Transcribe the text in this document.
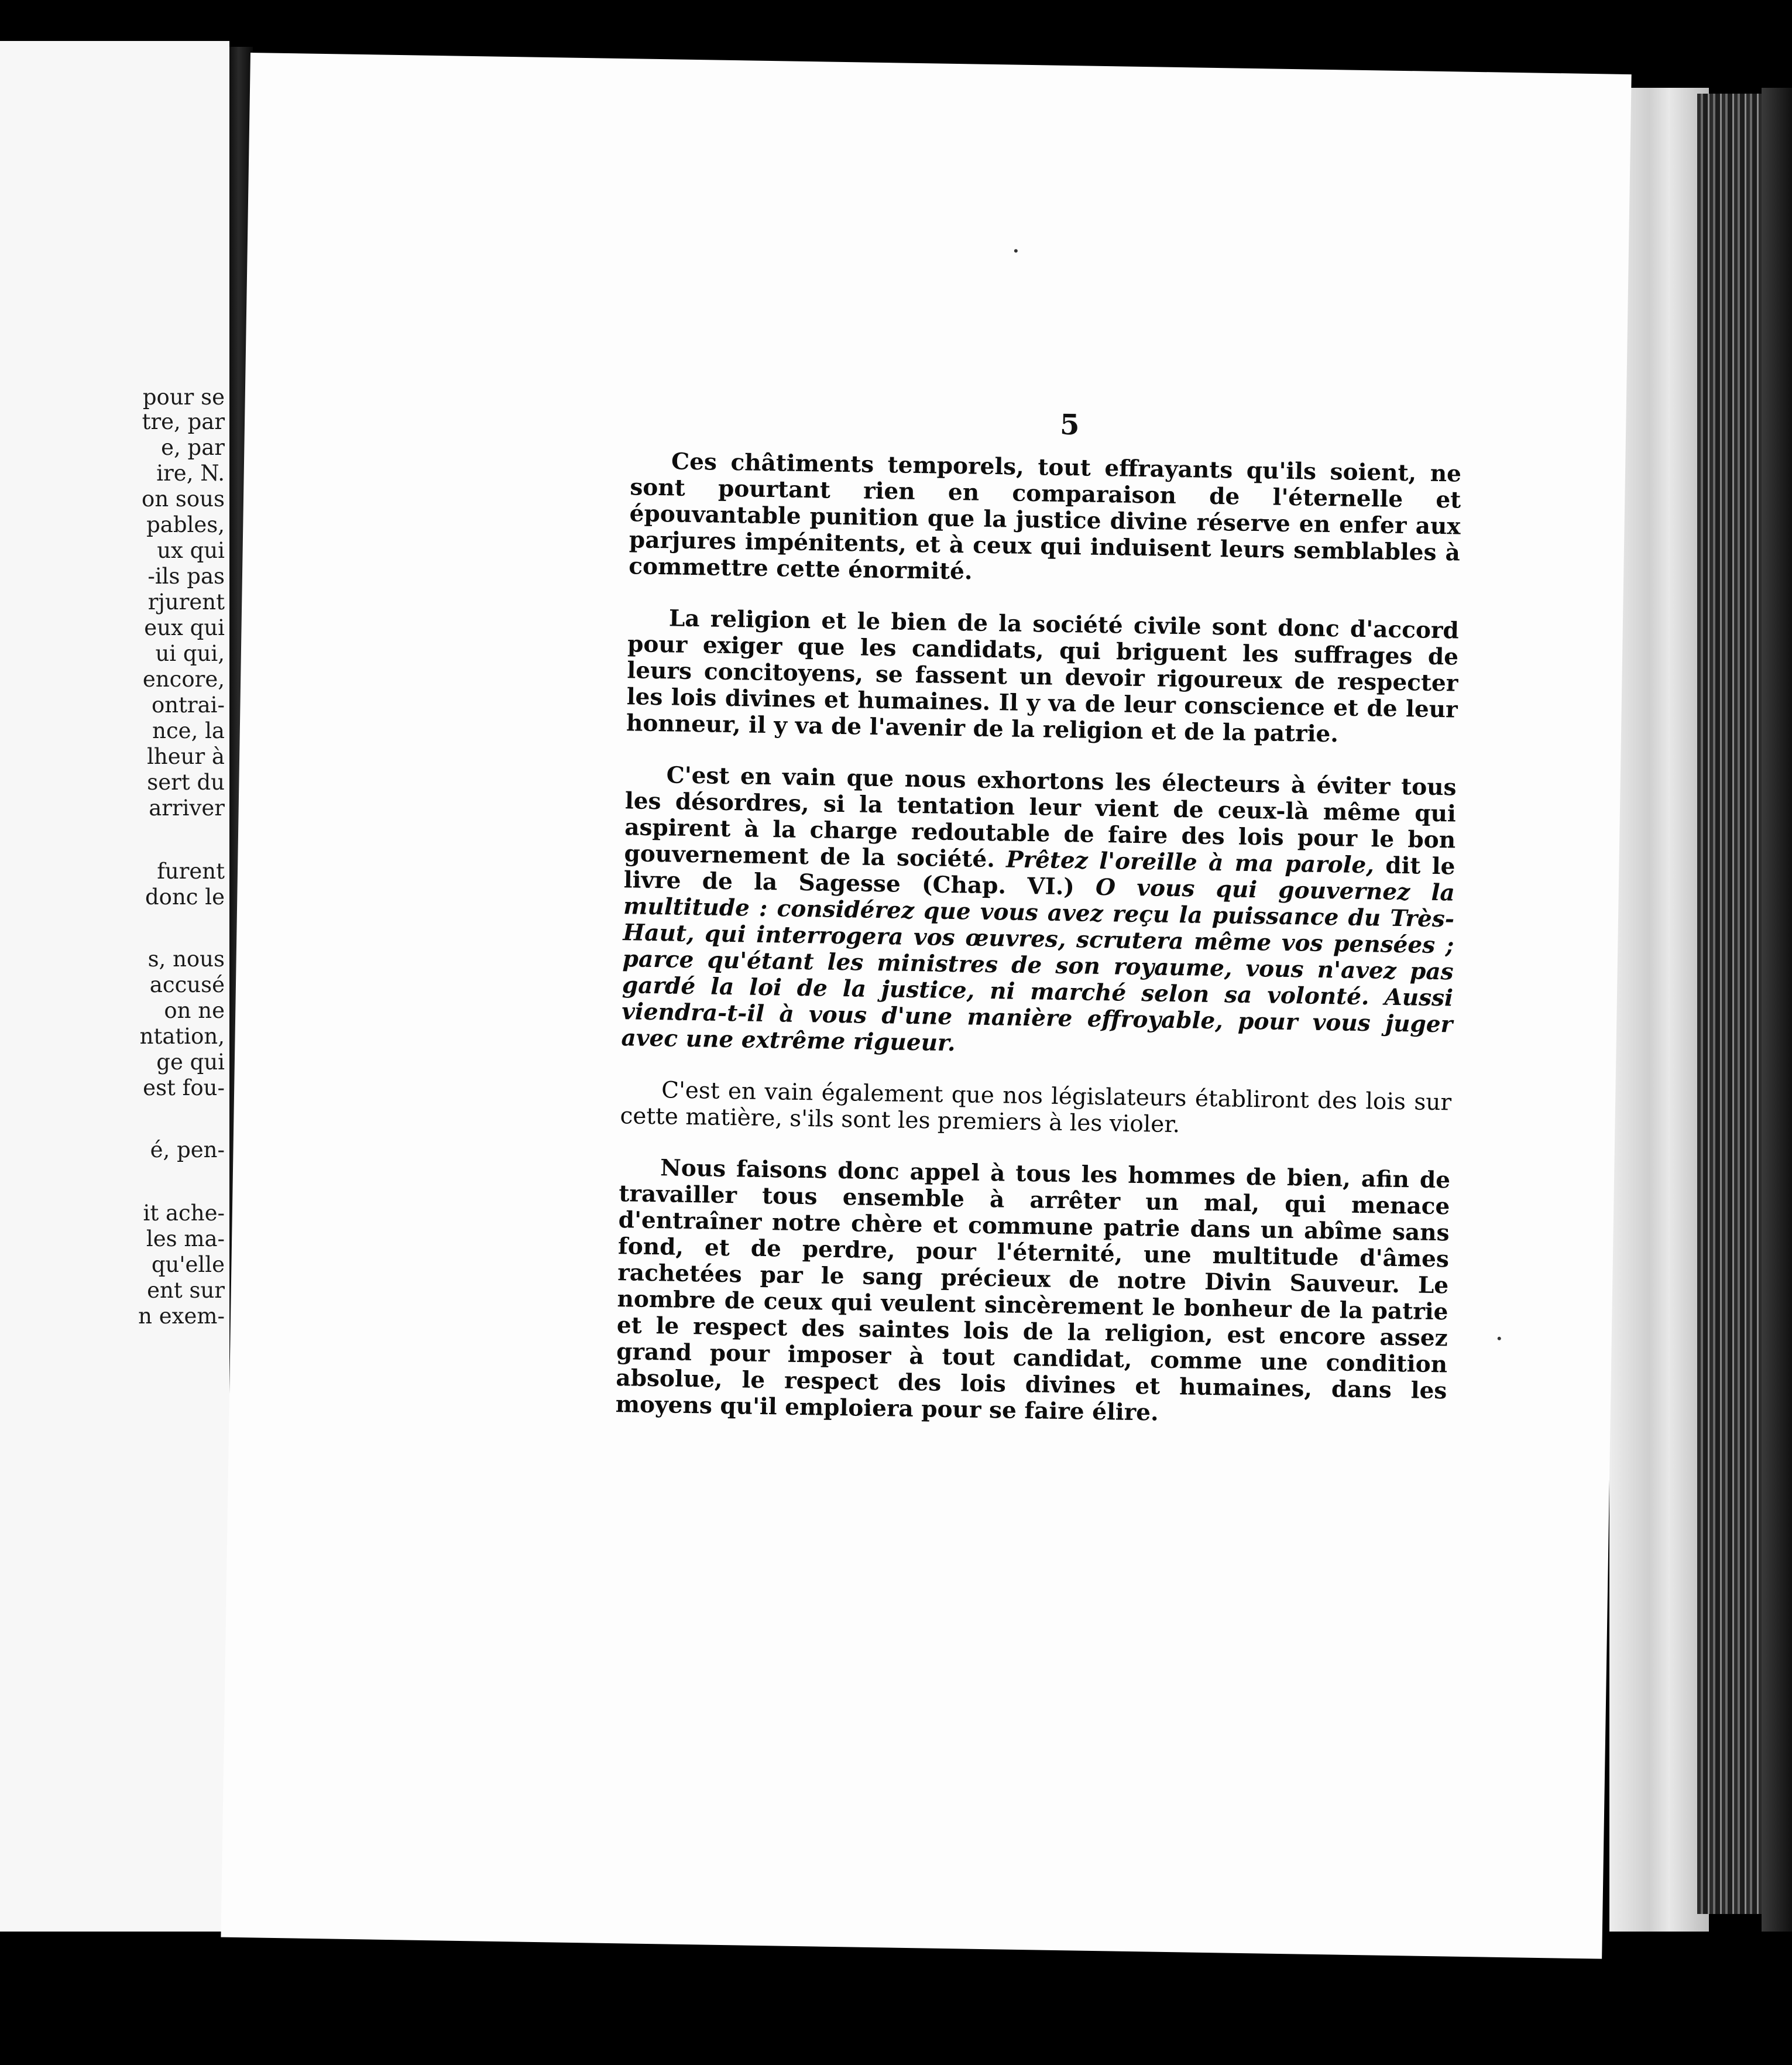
pour se
tre, par
e, par
ire, N.
on sous
pables,
ux qui
-ils pas
rjurent
eux qui
ui qui,
encore,
ontrai-
nce, la
lheur à
sert du
arriver
furent
donc le
s, nous
accusé
on ne
ntation,
ge qui
est fou-
é, pen-
it ache-
les ma-
qu'elle
ent sur
n exem-
5

Ces châtiments temporels, tout effrayants qu'ils soient, ne sont pourtant rien en comparaison de l'éternelle et épouvantable punition que la justice divine réserve en enfer aux parjures impénitents, et à ceux qui induisent leurs semblables à commettre cette énormité.

La religion et le bien de la société civile sont donc d'accord pour exiger que les candidats, qui briguent les suffrages de leurs concitoyens, se fassent un devoir rigoureux de respecter les lois divines et humaines. Il y va de leur conscience et de leur honneur, il y va de l'avenir de la religion et de la patrie.

C'est en vain que nous exhortons les électeurs à éviter tous les désordres, si la tentation leur vient de ceux-là même qui aspirent à la charge redoutable de faire des lois pour le bon gouvernement de la société. Prêtez l'oreille à ma parole, dit le livre de la Sagesse (Chap. VI.) O vous qui gouvernez la multitude : considérez que vous avez reçu la puissance du Très-Haut, qui interrogera vos œuvres, scrutera même vos pensées ; parce qu'étant les ministres de son royaume, vous n'avez pas gardé la loi de la justice, ni marché selon sa volonté. Aussi viendra-t-il à vous d'une manière effroyable, pour vous juger avec une extrême rigueur.

C'est en vain également que nos législateurs établiront des lois sur cette matière, s'ils sont les premiers à les violer.

Nous faisons donc appel à tous les hommes de bien, afin de travailler tous ensemble à arrêter un mal, qui menace d'entraîner notre chère et commune patrie dans un abîme sans fond, et de perdre, pour l'éternité, une multitude d'âmes rachetées par le sang précieux de notre Divin Sauveur. Le nombre de ceux qui veulent sincèrement le bonheur de la patrie et le respect des saintes lois de la religion, est encore assez grand pour imposer à tout candidat, comme une condition absolue, le respect des lois divines et humaines, dans les moyens qu'il emploiera pour se faire élire.
